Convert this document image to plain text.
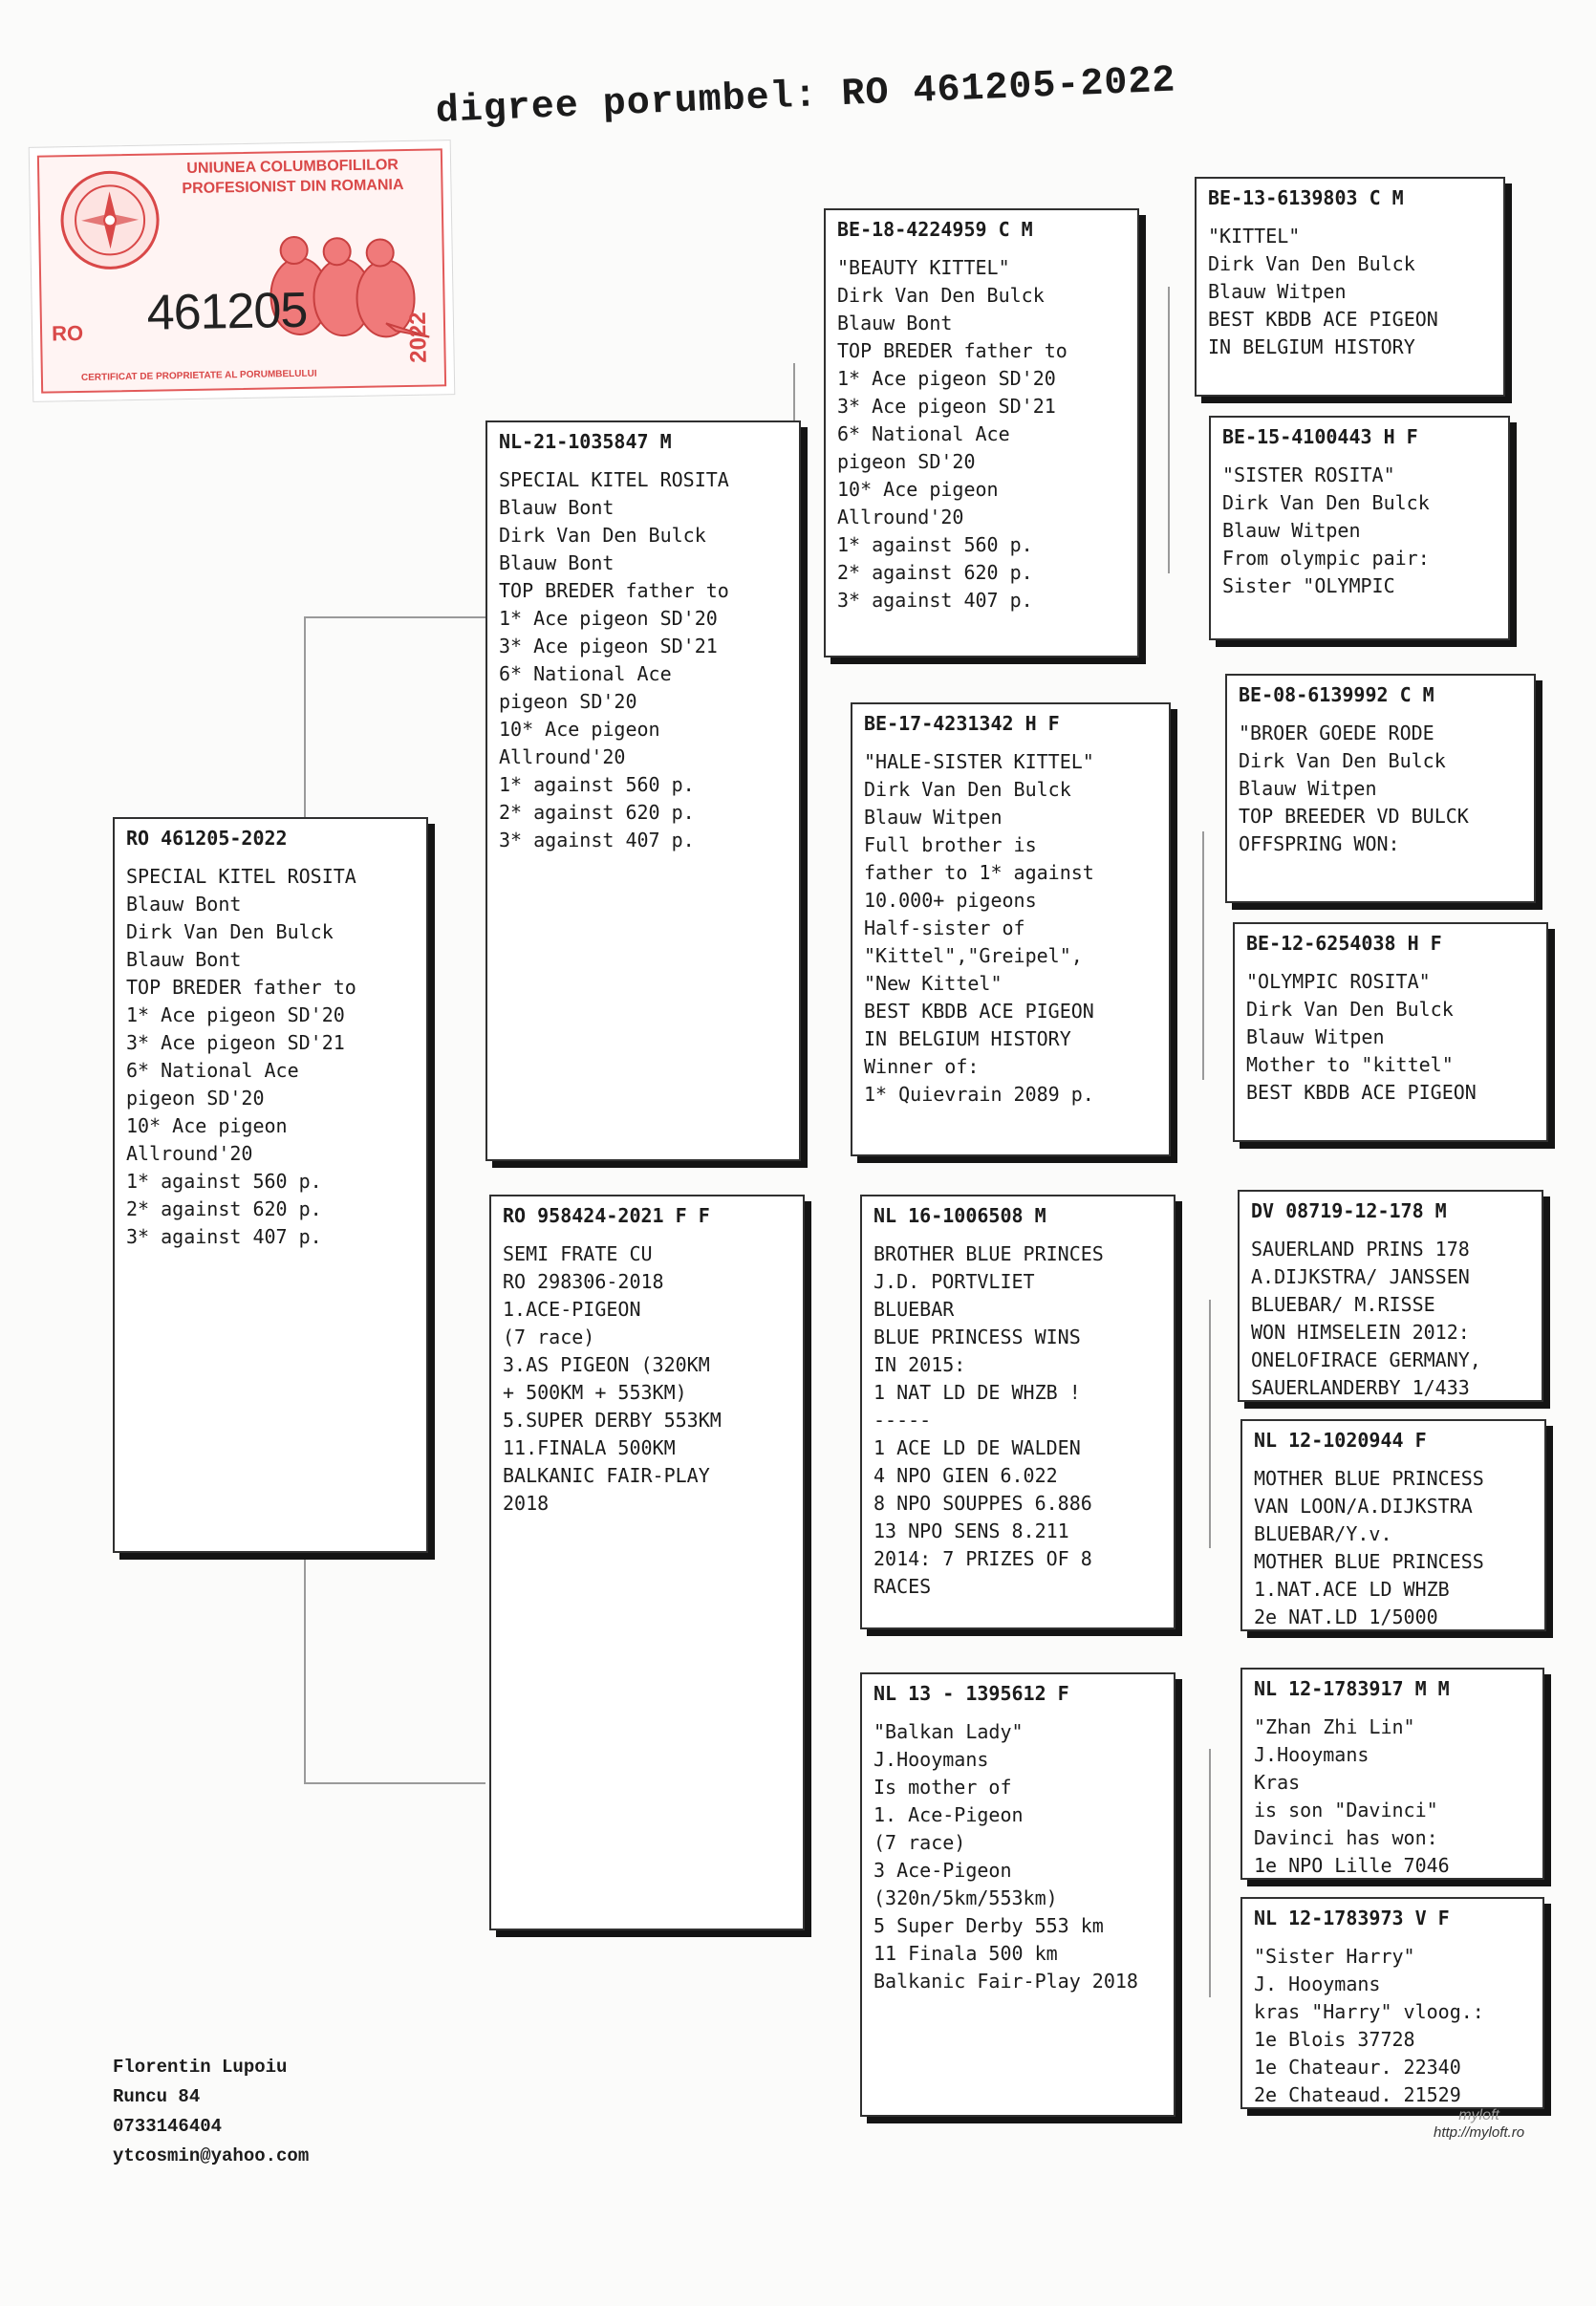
digree porumbel: RO 461205-2022
UNIUNEA COLUMBOFILILOR
PROFESIONIST DIN ROMANIA
RO 461205	2022
CERTIFICAT DE PROPRIETATE AL PORUMBELULUI
RO 461205-2022
SPECIAL KITEL ROSITA
Blauw Bont
Dirk Van Den Bulck
Blauw Bont
TOP BREDER father to
1* Ace pigeon SD'20
3* Ace pigeon SD'21
6* National Ace
pigeon SD'20
10* Ace pigeon
Allround'20
1* against 560 p.
2* against 620 p.
3* against 407 p.
NL-21-1035847 M
SPECIAL KITEL ROSITA
Blauw Bont
Dirk Van Den Bulck
Blauw Bont
TOP BREDER father to
1* Ace pigeon SD'20
3* Ace pigeon SD'21
6* National Ace
pigeon SD'20
10* Ace pigeon
Allround'20
1* against 560 p.
2* against 620 p.
3* against 407 p.
RO 958424-2021 F F
SEMI FRATE CU
RO 298306-2018
1.ACE-PIGEON
(7 race)
3.AS PIGEON (320KM
+ 500KM + 553KM)
5.SUPER DERBY 553KM
11.FINALA 500KM
BALKANIC FAIR-PLAY
2018
BE-18-4224959 C M
"BEAUTY KITTEL"
Dirk Van Den Bulck
Blauw Bont
TOP BREDER father to
1* Ace pigeon SD'20
3* Ace pigeon SD'21
6* National Ace
pigeon SD'20
10* Ace pigeon
Allround'20
1* against 560 p.
2* against 620 p.
3* against 407 p.
BE-17-4231342 H F
"HALE-SISTER KITTEL"
Dirk Van Den Bulck
Blauw Witpen
Full brother is
father to 1* against
10.000+ pigeons
Half-sister of
"Kittel","Greipel",
"New Kittel"
BEST KBDB ACE PIGEON
IN BELGIUM HISTORY
Winner of:
1* Quievrain 2089 p.
NL 16-1006508 M
BROTHER BLUE PRINCES
J.D. PORTVLIET
BLUEBAR
BLUE PRINCESS WINS
IN 2015:
1 NAT LD DE WHZB !
-----
1 ACE LD DE WALDEN
4 NPO GIEN 6.022
8 NPO SOUPPES 6.886
13 NPO SENS 8.211
2014: 7 PRIZES OF 8
RACES
NL 13 - 1395612 F
"Balkan Lady"
J.Hooymans
Is mother of
1. Ace-Pigeon
(7 race)
3 Ace-Pigeon
(320n/5km/553km)
5 Super Derby 553 km
11 Finala 500 km
Balkanic Fair-Play 2018
BE-13-6139803 C M
"KITTEL"
Dirk Van Den Bulck
Blauw Witpen
BEST KBDB ACE PIGEON
IN BELGIUM HISTORY
BE-15-4100443 H F
"SISTER ROSITA"
Dirk Van Den Bulck
Blauw Witpen
From olympic pair:
Sister "OLYMPIC
BE-08-6139992 C M
"BROER GOEDE RODE
Dirk Van Den Bulck
Blauw Witpen
TOP BREEDER VD BULCK
OFFSPRING WON:
BE-12-6254038 H F
"OLYMPIC ROSITA"
Dirk Van Den Bulck
Blauw Witpen
Mother to "kittel"
BEST KBDB ACE PIGEON
DV 08719-12-178 M
SAUERLAND PRINS 178
A.DIJKSTRA/ JANSSEN
BLUEBAR/ M.RISSE
WON HIMSELEIN 2012:
ONELOFIRACE GERMANY,
SAUERLANDERBY 1/433
NL 12-1020944 F
MOTHER BLUE PRINCESS
VAN LOON/A.DIJKSTRA
BLUEBAR/Y.v.
MOTHER BLUE PRINCESS
1.NAT.ACE LD WHZB
2e NAT.LD 1/5000
NL 12-1783917 M M
"Zhan Zhi Lin"
J.Hooymans
Kras
is son "Davinci"
Davinci has won:
1e NPO Lille 7046
NL 12-1783973 V F
"Sister Harry"
J. Hooymans
kras "Harry" vloog.:
1e Blois 37728
1e Chateaur. 22340
2e Chateaud. 21529
Florentin Lupoiu
Runcu 84
0733146404
ytcosmin@yahoo.com
myloft
http://myloft.ro
